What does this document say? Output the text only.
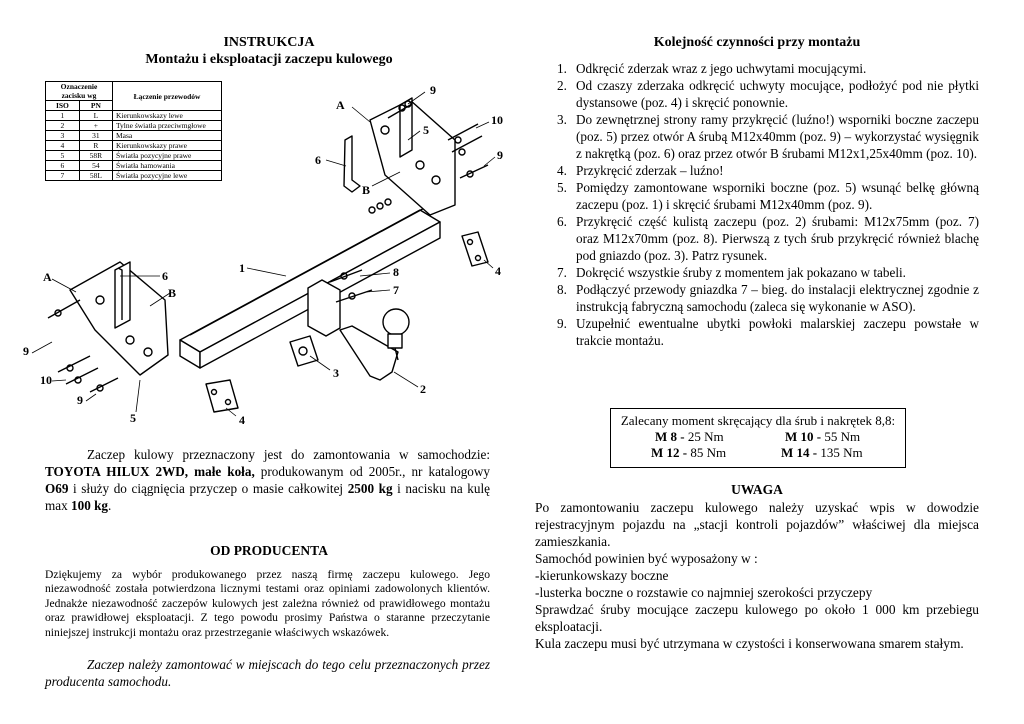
INSTRUKCJA
Montażu i eksploatacji zaczepu kulowego
Oznaczenie zacisku wg		Łączenie przewodów
ISO	PN	
1	L	Kierunkowskazy lewe
2	+	Tylne światła przeciwmgłowe
3	31	Masa
4	R	Kierunkowskazy prawe
5	58R	Światła pozycyjne prawe
6	54	Światła hamowania
7	58L	Światła pozycyjne lewe
A
B
6
9
5
10
9
4
1	8
7
A	6
B
9
10
9
5	4
3
2
Zaczep kulowy przeznaczony jest do zamontowania w samochodzie: TOYOTA HILUX 2WD, małe koła, produkowanym od 2005r., nr katalogowy O69 i służy do ciągnięcia przyczep o masie całkowitej 2500 kg i nacisku na kulę max 100 kg.
OD PRODUCENTA
Dziękujemy za wybór produkowanego przez naszą firmę zaczepu kulowego. Jego niezawodność została potwierdzona licznymi testami oraz opiniami zadowolonych klientów. Jednakże niezawodność zaczepów kulowych jest zależna również od prawidłowego montażu oraz prawidłowej eksploatacji. Z tego powodu prosimy Państwa o staranne przeczytanie niniejszej instrukcji montażu oraz przestrzeganie właściwych wskazówek.
Zaczep należy zamontować w miejscach do tego celu przeznaczonych przez producenta samochodu.
Kolejność czynności przy montażu
1. Odkręcić zderzak wraz z jego uchwytami mocującymi.
2. Od czaszy zderzaka odkręcić uchwyty mocujące, podłożyć pod nie płytki dystansowe (poz. 4) i skręcić ponownie.
3. Do zewnętrznej strony ramy przykręcić (luźno!) wsporniki boczne zaczepu (poz. 5) przez otwór A śrubą M12x40mm (poz. 9) – wykorzystać wysięgnik z nakrętką (poz. 6) oraz przez otwór B śrubami M12x1,25x40mm (poz. 10).
4. Przykręcić zderzak – luźno!
5. Pomiędzy zamontowane wsporniki boczne (poz. 5) wsunąć belkę główną zaczepu (poz. 1) i skręcić śrubami M12x40mm (poz. 9).
6. Przykręcić część kulistą zaczepu (poz. 2) śrubami: M12x75mm (poz. 7) oraz M12x70mm (poz. 8). Pierwszą z tych śrub przykręcić również blachę pod gniazdo (poz. 3). Patrz rysunek.
7. Dokręcić wszystkie śruby z momentem jak pokazano w tabeli.
8. Podłączyć przewody gniazdka 7 – bieg. do instalacji elektrycznej zgodnie z instrukcją fabryczną samochodu (zaleca się wykonanie w ASO).
9. Uzupełnić ewentualne ubytki powłoki malarskiej zaczepu powstałe w trakcie montażu.
Zalecany moment skręcający dla śrub i nakrętek 8,8:
M 8 - 25 Nm	M 10 - 55 Nm
M 12 - 85 Nm	M 14 - 135 Nm
UWAGA
Po zamontowaniu zaczepu kulowego należy uzyskać wpis w dowodzie rejestracyjnym pojazdu na „stacji kontroli pojazdów” właściwej dla miejsca zamieszkania.
Samochód powinien być wyposażony w :
-kierunkowskazy boczne
-lusterka boczne o rozstawie co najmniej szerokości przyczepy
Sprawdzać śruby mocujące zaczepu kulowego po około 1 000 km przebiegu eksploatacji.
Kula zaczepu musi być utrzymana w czystości i konserwowana smarem stałym.
